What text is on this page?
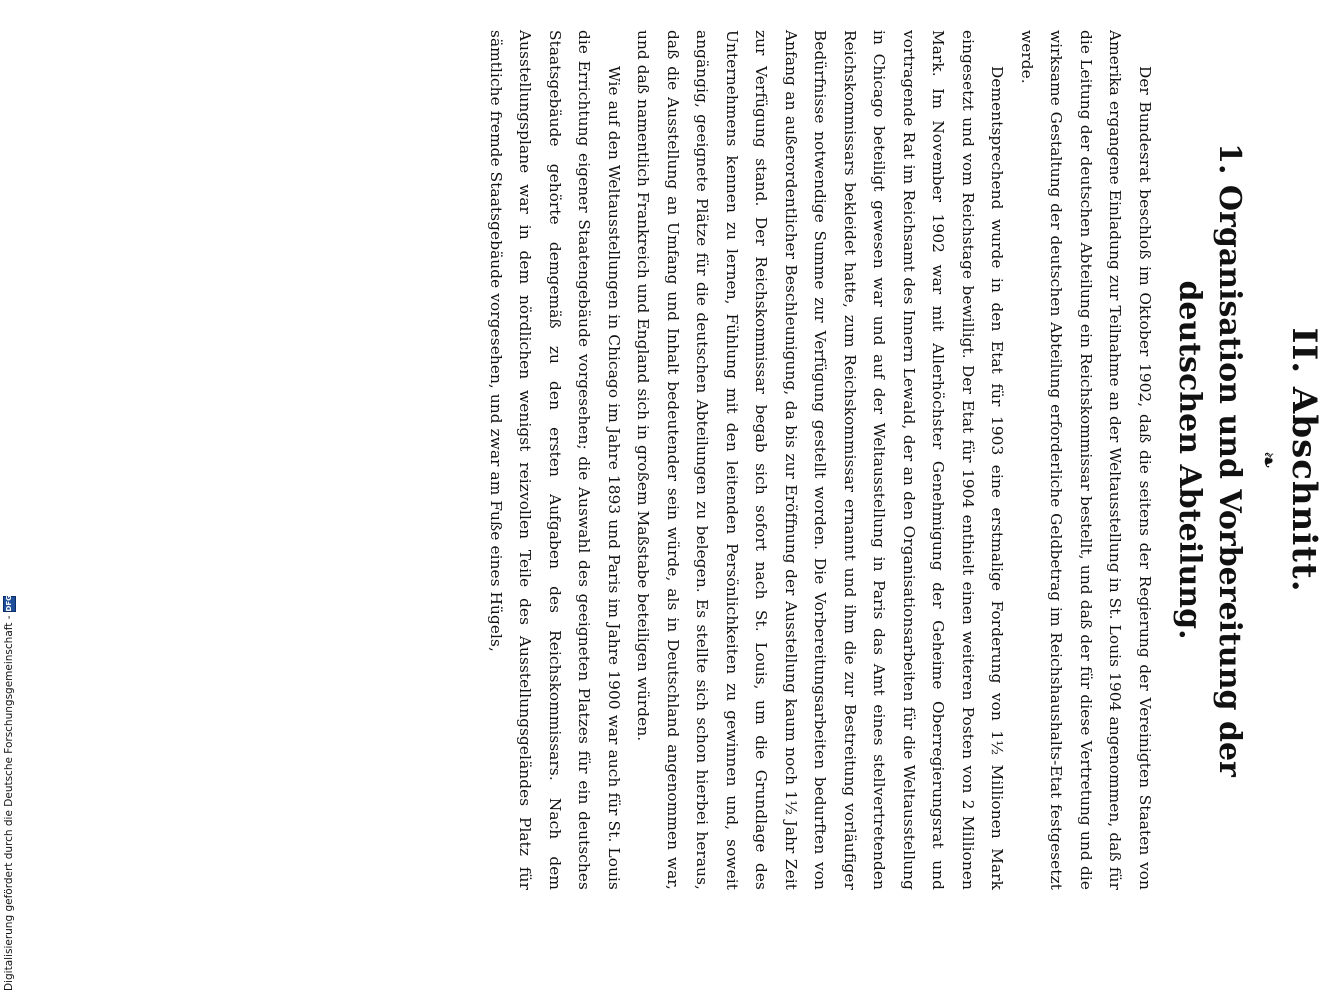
II. Abschnitt.
❧
1. Organisation und Vorbereitung der deutschen Abteilung.

Der Bundesrat beschloß im Oktober 1902, daß die seitens der Regierung der Vereinigten Staaten von Amerika ergangene Einladung zur Teilnahme an der Weltausstellung in St. Louis 1904 angenommen, daß für die Leitung der deutschen Abteilung ein Reichskommissar bestellt, und daß der für diese Vertretung und die wirksame Gestaltung der deutschen Abteilung erforderliche Geldbetrag im Reichshaushalts-Etat festgesetzt werde.

Dementsprechend wurde in den Etat für 1903 eine erstmalige Forderung von 1½ Millionen Mark eingesetzt und vom Reichstage bewilligt. Der Etat für 1904 enthielt einen weiteren Posten von 2 Millionen Mark. Im November 1902 war mit Allerhöchster Genehmigung der Geheime Oberregierungsrat und vortragende Rat im Reichsamt des Innern Lewald, der an den Organisationsarbeiten für die Weltausstellung in Chicago beteiligt gewesen war und auf der Weltausstellung in Paris das Amt eines stellvertretenden Reichskommissars bekleidet hatte, zum Reichskommissar ernannt und ihm die zur Bestreitung vorläufiger Bedürfnisse notwendige Summe zur Verfügung gestellt worden. Die Vorbereitungsarbeiten bedurften von Anfang an außerordentlicher Beschleunigung, da bis zur Eröffnung der Ausstellung kaum noch 1½ Jahr Zeit zur Verfügung stand. Der Reichskommissar begab sich sofort nach St. Louis, um die Grundlage des Unternehmens kennen zu lernen, Fühlung mit den leitenden Persönlichkeiten zu gewinnen und, soweit angängig, geeignete Plätze für die deutschen Abteilungen zu belegen. Es stellte sich schon hierbei heraus, daß die Ausstellung an Umfang und Inhalt bedeutender sein würde, als in Deutschland angenommen war, und daß namentlich Frankreich und England sich in großem Maßstabe beteiligen würden.

Wie auf den Weltausstellungen in Chicago im Jahre 1893 und Paris im Jahre 1900 war auch für St. Louis die Errichtung eigener Staatengebäude vorgesehen; die Auswahl des geeigneten Platzes für ein deutsches Staatsgebäude gehörte demgemäß zu den ersten Aufgaben des Reichskommissars. Nach dem Ausstellungsplane war in dem nördlichen wenigst reizvollen Teile des Ausstellungsgeländes Platz für sämtliche fremde Staatsgebäude vorgesehen, und zwar am Fuße eines Hügels,

Digitalisierung gefördert durch die Deutsche Forschungsgemeinschaft -
DFG
